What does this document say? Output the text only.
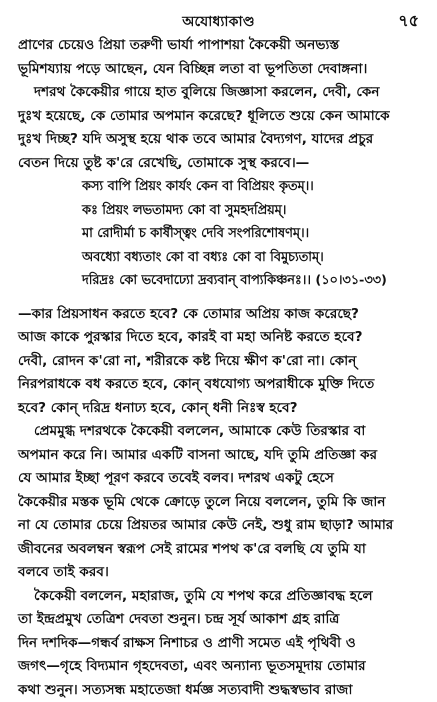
অযোধ্যাকাণ্ড	৭৫

প্রাণের চেয়েও প্রিয়া তরুণী ভার্যা পাপাশয়া কৈকেয়ী অনভ্যস্ত
ভূমিশয্যায় পড়ে আছেন, যেন বিচ্ছিন্ন লতা বা ভূপতিতা দেবাঙ্গনা।

দশরথ কৈকেয়ীর গায়ে হাত বুলিয়ে জিজ্ঞাসা করলেন, দেবী, কেন
দুঃখ হয়েছে, কে তোমার অপমান করেছে? ধূলিতে শুয়ে কেন আমাকে
দুঃখ দিচ্ছ? যদি অসুস্থ হয়ে থাক তবে আমার বৈদ্যগণ, যাদের প্রচুর
বেতন দিয়ে তুষ্ট ক'রে রেখেছি, তোমাকে সুস্থ করবে।—

কস্য বাপি প্রিয়ং কার্যং কেন বা বিপ্রিয়ং কৃতম্‌।।
কঃ প্রিয়ং লভতামদ্য কো বা সুমহদপ্রিয়ম্‌।
মা রোদীর্মা চ কার্ষীস্ত্বং দেবি সংপরিশোষণম্‌।।
অবধ্যো বধ্যতাং কো বা বধ্যঃ কো বা বিমুচ্যতাম্‌।
দরিদ্রঃ কো ভবেদাঢ্যো দ্রব্যবান্‌ বাপ্যকিঞ্চনঃ।। (১০।৩১-৩৩)

—কার প্রিয়সাধন করতে হবে? কে তোমার অপ্রিয় কাজ করেছে?
আজ কাকে পুরস্কার দিতে হবে, কারই বা মহা অনিষ্ট করতে হবে?
দেবী, রোদন ক'রো না, শরীরকে কষ্ট দিয়ে ক্ষীণ ক'রো না। কোন্‌
নিরপরাধকে বধ করতে হবে, কোন্‌ বধযোগ্য অপরাধীকে মুক্তি দিতে
হবে? কোন্‌ দরিদ্র ধনাঢ্য হবে, কোন্‌ ধনী নিঃস্ব হবে?

প্রেমমুগ্ধ দশরথকে কৈকেয়ী বললেন, আমাকে কেউ তিরস্কার বা
অপমান করে নি। আমার একটি বাসনা আছে, যদি তুমি প্রতিজ্ঞা কর
যে আমার ইচ্ছা পূরণ করবে তবেই বলব। দশরথ একটু হেসে
কৈকেয়ীর মস্তক ভূমি থেকে ক্রোড়ে তুলে নিয়ে বললেন, তুমি কি জান
না যে তোমার চেয়ে প্রিয়তর আমার কেউ নেই, শুধু রাম ছাড়া? আমার
জীবনের অবলম্বন স্বরূপ সেই রামের শপথ ক'রে বলছি যে তুমি যা
বলবে তাই করব।

কৈকেয়ী বললেন, মহারাজ, তুমি যে শপথ করে প্রতিজ্ঞাবদ্ধ হলে
তা ইন্দ্রপ্রমুখ তেত্রিশ দেবতা শুনুন। চন্দ্র সূর্য আকাশ গ্রহ রাত্রি
দিন দশদিক—গন্ধর্ব রাক্ষস নিশাচর ও প্রাণী সমেত এই পৃথিবী ও
জগৎ—গৃহে বিদ্যমান গৃহদেবতা, এবং অন্যান্য ভূতসমূদায় তোমার
কথা শুনুন। সত্যসন্ধ মহাতেজা ধর্মজ্ঞ সত্যবাদী শুদ্ধস্বভাব রাজা
